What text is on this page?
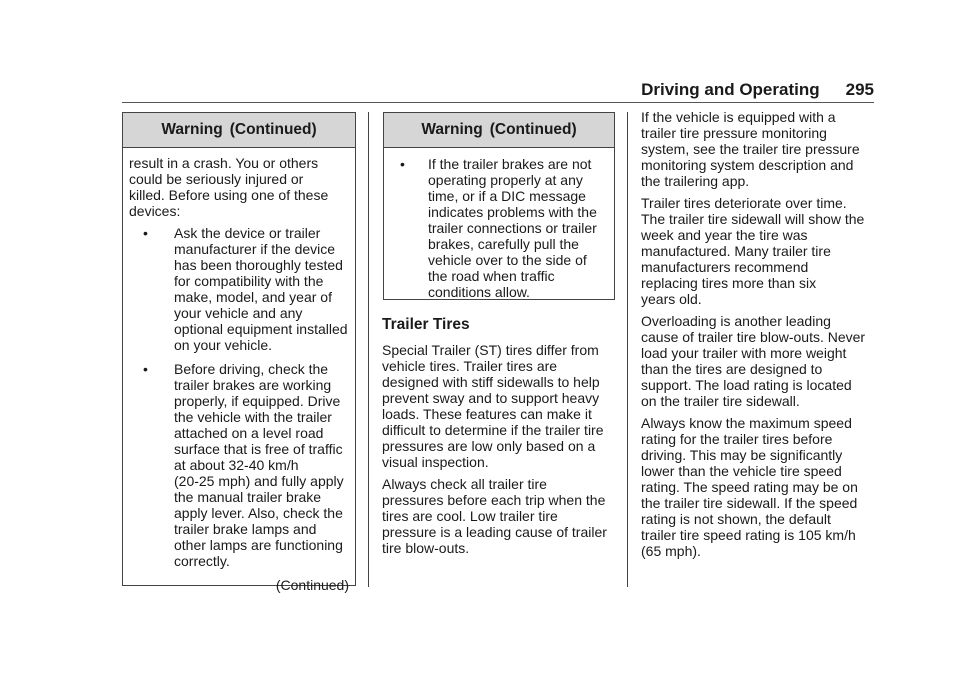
Driving and Operating 295
Warning (Continued)

result in a crash. You or others
could be seriously injured or
killed. Before using one of these
devices:

• Ask the device or trailer
manufacturer if the device
has been thoroughly tested
for compatibility with the
make, model, and year of
your vehicle and any
optional equipment installed
on your vehicle.
• Before driving, check the
trailer brakes are working
properly, if equipped. Drive
the vehicle with the trailer
attached on a level road
surface that is free of traffic
at about 32-40 km/h
(20-25 mph) and fully apply
the manual trailer brake
apply lever. Also, check the
trailer brake lamps and
other lamps are functioning
correctly.
(Continued)
Warning (Continued)
• If the trailer brakes are not
operating properly at any
time, or if a DIC message
indicates problems with the
trailer connections or trailer
brakes, carefully pull the
vehicle over to the side of
the road when traffic
conditions allow.
Trailer Tires

Special Trailer (ST) tires differ from
vehicle tires. Trailer tires are
designed with stiff sidewalls to help
prevent sway and to support heavy
loads. These features can make it
difficult to determine if the trailer tire
pressures are low only based on a
visual inspection.

Always check all trailer tire
pressures before each trip when the
tires are cool. Low trailer tire
pressure is a leading cause of trailer
tire blow-outs.

If the vehicle is equipped with a
trailer tire pressure monitoring
system, see the trailer tire pressure
monitoring system description and
the trailering app.

Trailer tires deteriorate over time.
The trailer tire sidewall will show the
week and year the tire was
manufactured. Many trailer tire
manufacturers recommend
replacing tires more than six
years old.

Overloading is another leading
cause of trailer tire blow-outs. Never
load your trailer with more weight
than the tires are designed to
support. The load rating is located
on the trailer tire sidewall.

Always know the maximum speed
rating for the trailer tires before
driving. This may be significantly
lower than the vehicle tire speed
rating. The speed rating may be on
the trailer tire sidewall. If the speed
rating is not shown, the default
trailer tire speed rating is 105 km/h
(65 mph).
